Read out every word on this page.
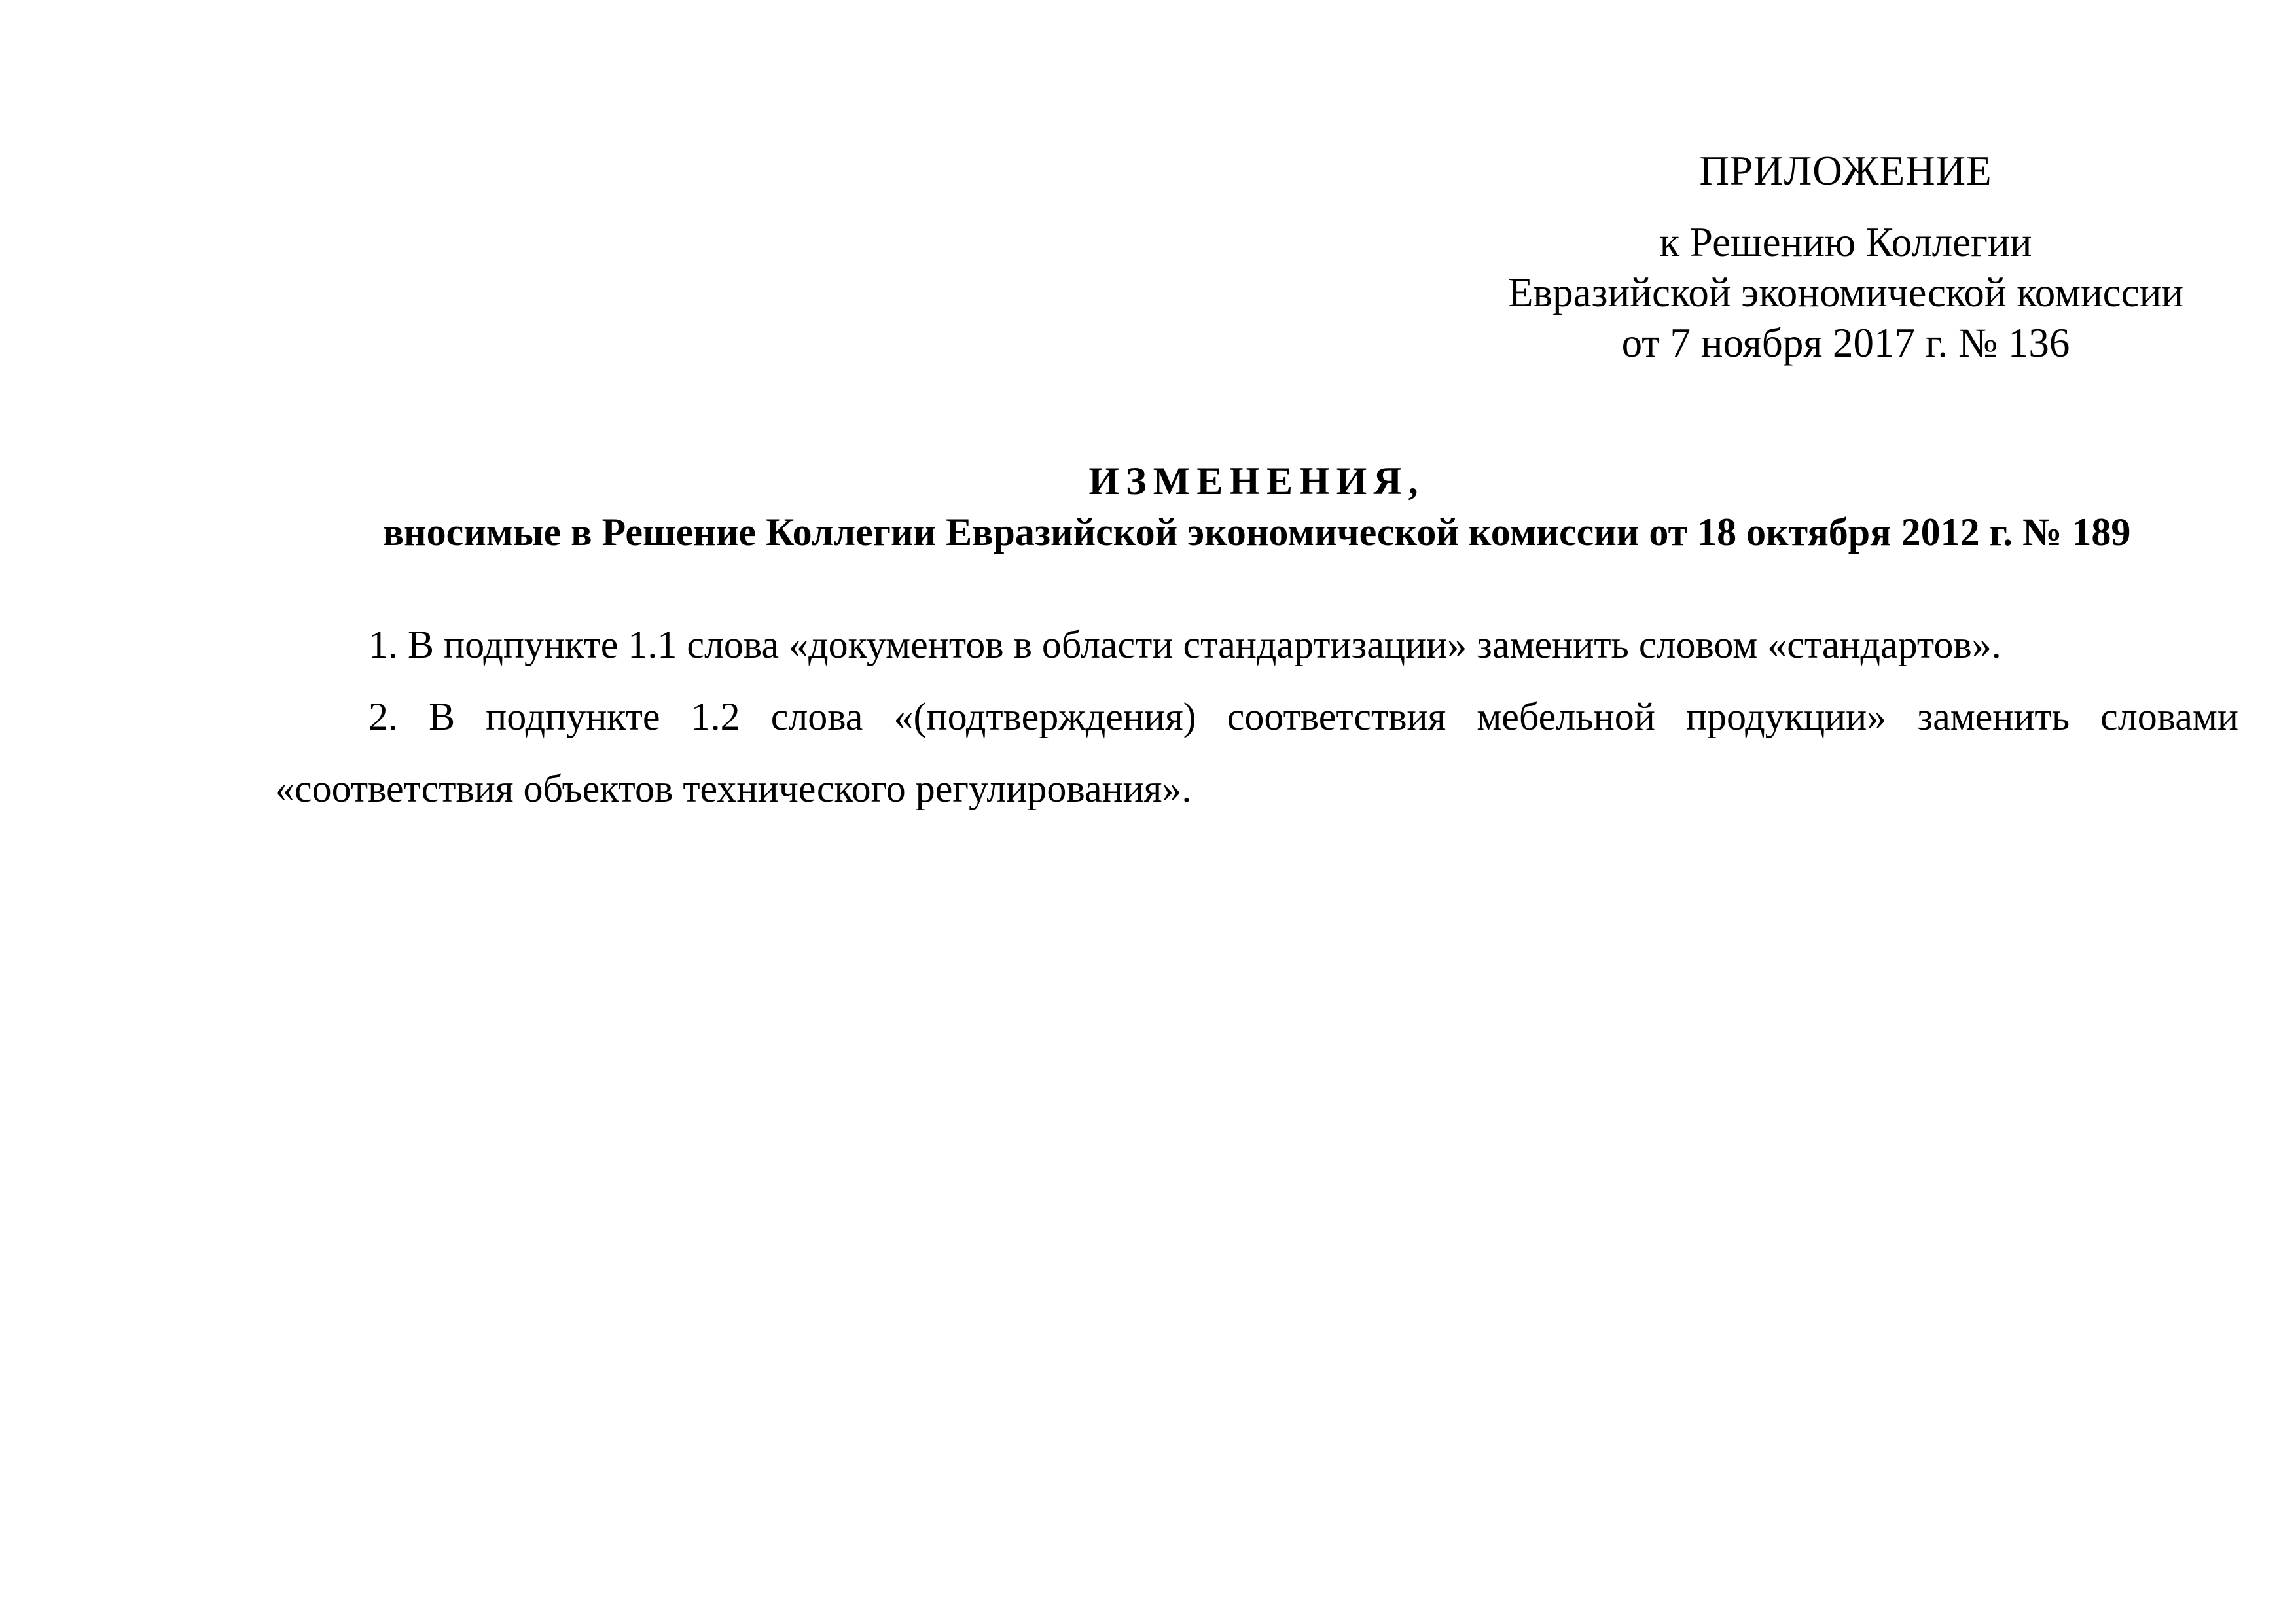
ПРИЛОЖЕНИЕ

к Решению Коллегии

Евразийской экономической комиссии

от 7 ноября 2017 г. № 136

ИЗМЕНЕНИЯ,

вносимые в Решение Коллегии Евразийской экономической комиссии от 18 октября 2012 г. № 189

1. В подпункте 1.1 слова «документов в области стандартизации» заменить словом «стандартов».

2. В подпункте 1.2 слова «(подтверждения) соответствия мебельной продукции» заменить словами «соответствия объектов технического регулирования».
